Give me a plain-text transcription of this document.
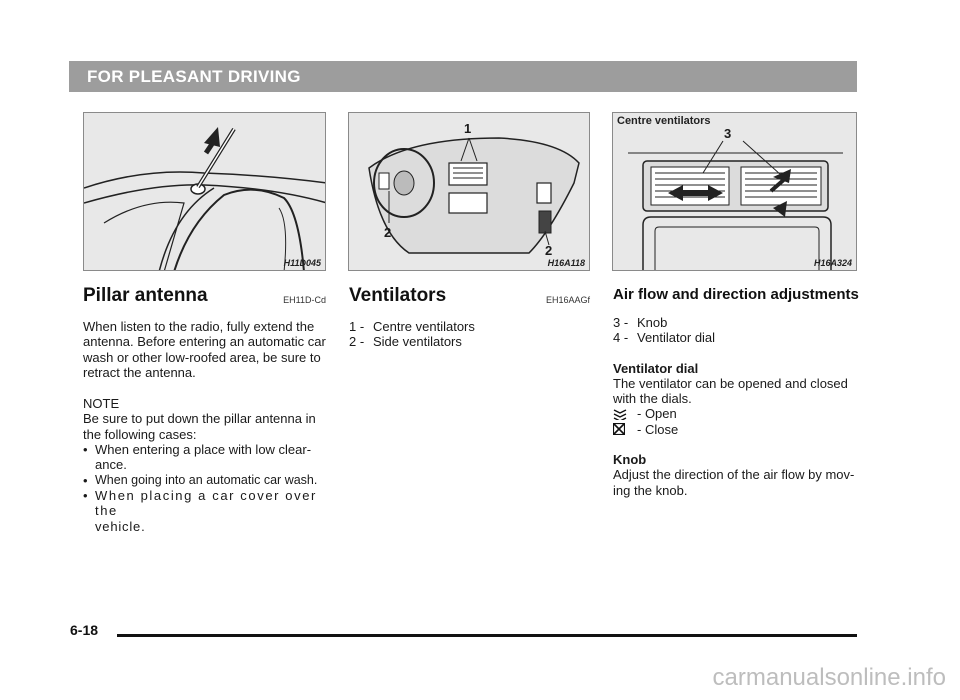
FOR PLEASANT DRIVING
H11D045
1
2
2
H16A118
Centre ventilators
3
H16A324
Pillar antenna	EH11D-Cd

When listen to the radio, fully extend the

antenna. Before entering an automatic car

wash or other low-roofed area, be sure to

retract the antenna.

NOTE

Be sure to put down the pillar antenna in

the following cases:

• When entering a place with low clear-

ance.

• When going into an automatic car wash.

• When placing a car cover over the

vehicle.

Ventilators	EH16AAGf
1 - Centre ventilators
2 - Side ventilators
Air flow and direction adjustments
3 - Knob
4 - Ventilator dial

Ventilator dial

The ventilator can be opened and closed

with the dials.

- Open
- Close

Knob

Adjust the direction of the air flow by mov-

ing the knob.

6-18
carmanualsonline.info
